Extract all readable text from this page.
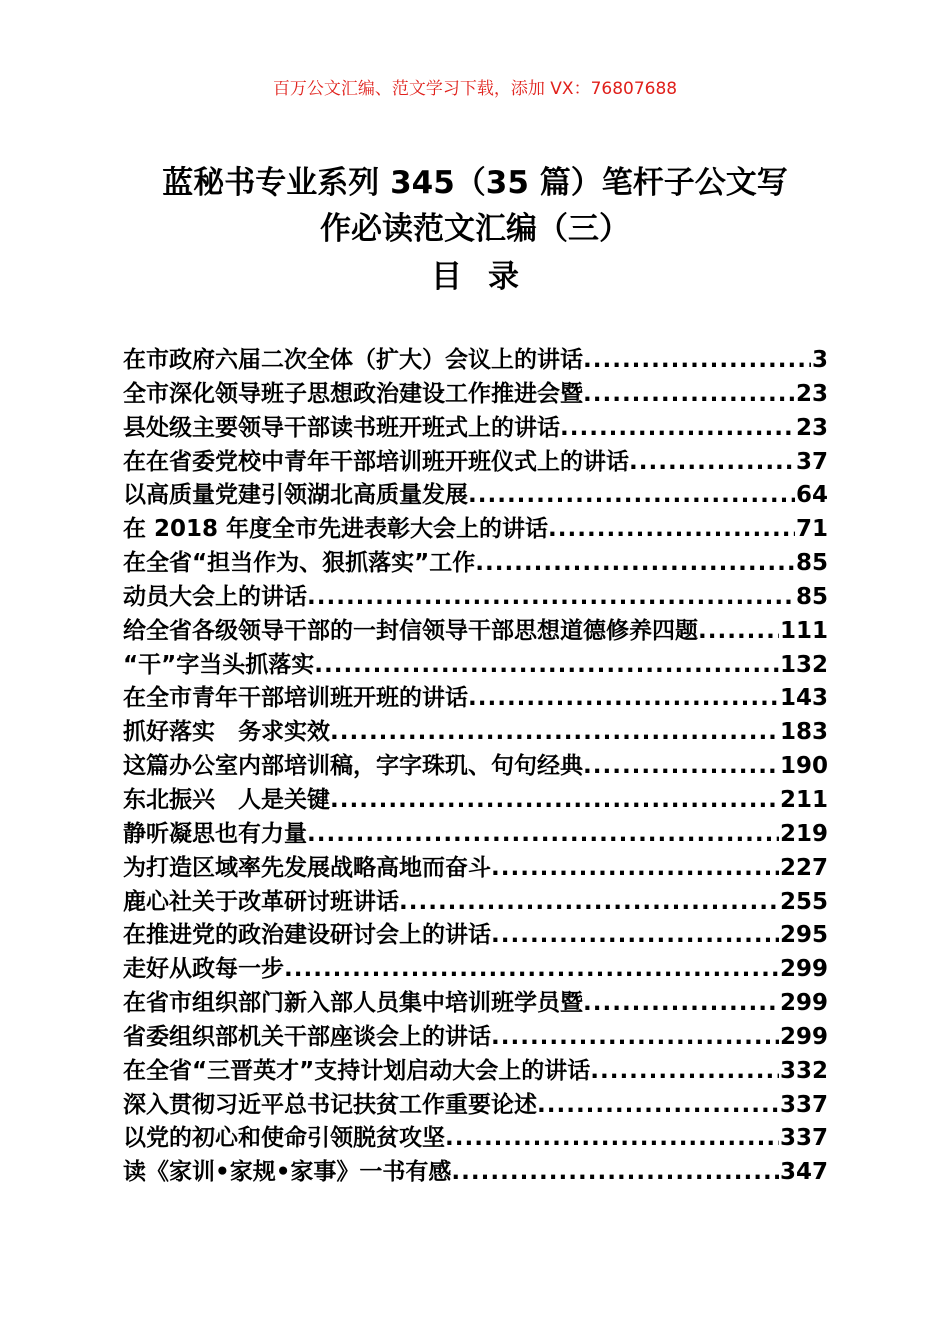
百万公文汇编、范文学习下载，添加 VX：76807688
蓝秘书专业系列 345（35 篇）笔杆子公文写
作必读范文汇编（三）
目录
在市政府六届二次全体（扩大）会议上的讲话 .....	3
全市深化领导班子思想政治建设工作推进会暨 .....	23
县处级主要领导干部读书班开班式上的讲话 .....	23
在在省委党校中青年干部培训班开班仪式上的讲话 .....	37
以高质量党建引领湖北高质量发展 .....	64
在 2018 年度全市先进表彰大会上的讲话 .....	71
在全省“担当作为、狠抓落实”工作 .....	85
动员大会上的讲话 .....	85
给全省各级领导干部的一封信领导干部思想道德修养四题 .....	111
“干”字当头抓落实 .....	132
在全市青年干部培训班开班的讲话 .....	143
抓好落实　务求实效 .....	183
这篇办公室内部培训稿，字字珠玑、句句经典 .....	190
东北振兴　人是关键 .....	211
静听凝思也有力量 .....	219
为打造区域率先发展战略高地而奋斗 .....	227
鹿心社关于改革研讨班讲话 .....	255
在推进党的政治建设研讨会上的讲话 .....	295
走好从政每一步 .....	299
在省市组织部门新入部人员集中培训班学员暨 .....	299
省委组织部机关干部座谈会上的讲话 .....	299
在全省“三晋英才”支持计划启动大会上的讲话 .....	332
深入贯彻习近平总书记扶贫工作重要论述 .....	337
以党的初心和使命引领脱贫攻坚 .....	337
读《家训•家规•家事》一书有感 .....	347
